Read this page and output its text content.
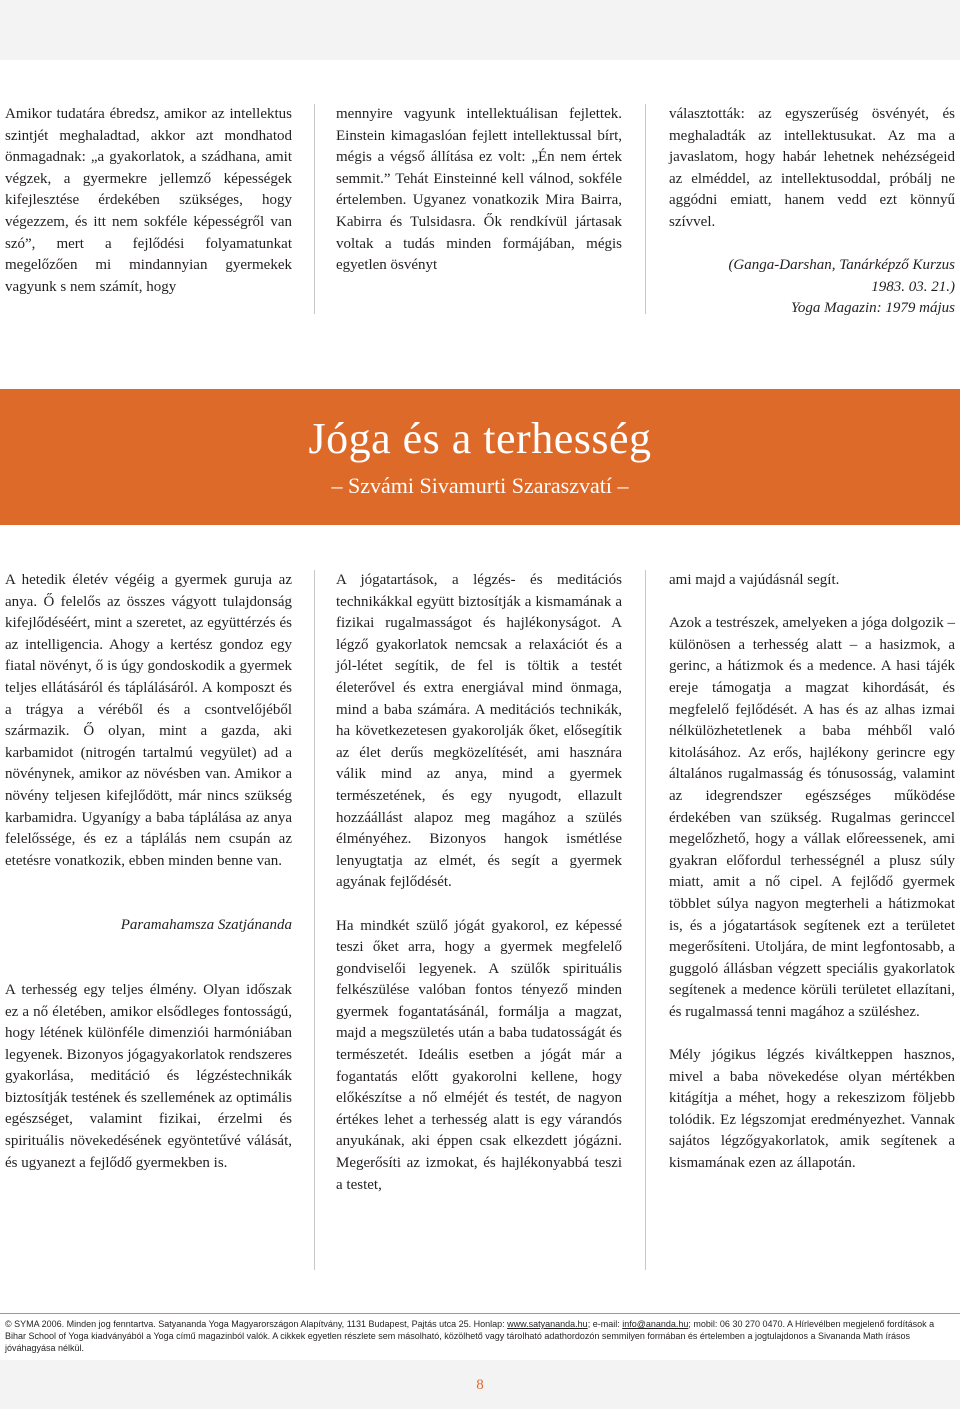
Amikor tudatára ébredsz, amikor az intellektus szintjét meghaladtad, akkor azt mondhatod önmagadnak: „a gyakorlatok, a szádhana, amit végzek, a gyermekre jellemző képességek kifejlesztése érdekében szükséges, hogy végezzem, és itt nem sokféle képességről van szó”, mert a fejlődési folyamatunkat megelőzően mi mindannyian gyermekek vagyunk s nem számít, hogy

mennyire vagyunk intellektuálisan fejlettek. Einstein kimagaslóan fejlett intellektussal bírt, mégis a végső állítása ez volt: „Én nem értek semmit.” Tehát Einsteinné kell válnod, sokféle értelemben. Ugyanez vonatkozik Mira Bairra, Kabirra és Tulsidasra. Ők rendkívül jártasak voltak a tudás minden formájában, mégis egyetlen ösvényt

választották: az egyszerűség ösvényét, és meghaladták az intellektusukat. Az ma a javaslatom, hogy habár lehetnek nehézségeid az elméddel, az intellektusoddal, próbálj ne aggódni emiatt, hanem vedd ezt könnyű szívvel.

(Ganga-Darshan, Tanárképző Kurzus

1983. 03. 21.)

Yoga Magazin: 1979 május

Jóga és a terhesség
– Szvámi Sivamurti Szaraszvatí –

A hetedik életév végéig a gyermek guruja az anya. Ő felelős az összes vágyott tulajdonság kifejlődéséért, mint a szeretet, az együttérzés és az intelligencia. Ahogy a kertész gondoz egy fiatal növényt, ő is úgy gondoskodik a gyermek teljes ellátásáról és táplálásáról. A komposzt és a trágya a véréből és a csontvelőjéből származik. Ő olyan, mint a gazda, aki karbamidot (nitrogén tartalmú vegyület) ad a növénynek, amikor az növésben van. Amikor a növény teljesen kifejlődött, már nincs szükség karbamidra. Ugyanígy a baba táplálása az anya felelőssége, és ez a táplálás nem csupán az etetésre vonatkozik, ebben minden benne van.

Paramahamsza Szatjánanda

A terhesség egy teljes élmény. Olyan időszak ez a nő életében, amikor elsődleges fontosságú, hogy létének különféle dimenziói harmóniában legyenek. Bizonyos jógagyakorlatok rendszeres gyakorlása, meditáció és légzéstechnikák biztosítják testének és szellemének az optimális egészséget, valamint fizikai, érzelmi és spirituális növekedésének egyöntetűvé válását, és ugyanezt a fejlődő gyermekben is.

A jógatartások, a légzés- és meditációs technikákkal együtt biztosítják a kismamának a fizikai rugalmasságot és hajlékonyságot. A légző gyakorlatok nemcsak a relaxációt és a jól-létet segítik, de fel is töltik a testét életerővel és extra energiával mind önmaga, mind a baba számára. A meditációs technikák, ha következetesen gyakorolják őket, elősegítik az élet derűs megközelítését, ami hasznára válik mind az anya, mind a gyermek természetének, és egy nyugodt, ellazult hozzáállást alapoz meg magához a szülés élményéhez. Bizonyos hangok ismétlése lenyugtatja az elmét, és segít a gyermek agyának fejlődését.

Ha mindkét szülő jógát gyakorol, ez képessé teszi őket arra, hogy a gyermek megfelelő gondviselői legyenek. A szülők spirituális felkészülése valóban fontos tényező minden gyermek fogantatásánál, formálja a magzat, majd a megszületés után a baba tudatosságát és természetét. Ideális esetben a jógát már a fogantatás előtt gyakorolni kellene, hogy előkészítse a nő elméjét és testét, de nagyon értékes lehet a terhesség alatt is egy várandós anyukának, aki éppen csak elkezdett jógázni. Megerősíti az izmokat, és hajlékonyabbá teszi a testet,

ami majd a vajúdásnál segít.

Azok a testrészek, amelyeken a jóga dolgozik – különösen a terhesség alatt – a hasizmok, a gerinc, a hátizmok és a medence. A hasi tájék ereje támogatja a magzat kihordását, és megfelelő fejlődését. A has és az alhas izmai nélkülözhetetlenek a baba méhből való kitolásához. Az erős, hajlékony gerincre egy általános rugalmasság és tónusosság, valamint az idegrendszer egészséges működése érdekében van szükség. Rugalmas gerinccel megelőzhető, hogy a vállak előreessenek, ami gyakran előfordul terhességnél a plusz súly miatt, amit a nő cipel. A fejlődő gyermek többlet súlya nagyon megterheli a hátizmokat is, és a jógatartások segítenek ezt a területet megerősíteni. Utoljára, de mint legfontosabb, a guggoló állásban végzett speciális gyakorlatok segítenek a medence körüli területet ellazítani, és rugalmassá tenni magához a szüléshez.

Mély jógikus légzés kiváltkeppen hasznos, mivel a baba növekedése olyan mértékben kitágítja a méhet, hogy a rekeszizom följebb tolódik. Ez légszomjat eredményezhet. Vannak sajátos légzőgyakorlatok, amik segítenek a kismamának ezen az állapotán.

© SYMA 2006. Minden jog fenntartva. Satyananda Yoga Magyarországon Alapítvány, 1131 Budapest, Pajtás utca 25. Honlap: www.satyananda.hu; e-mail: info@ananda.hu; mobil: 06 30 270 0470. A Hírlevélben megjelenő fordítások a Bihar School of Yoga kiadványából a Yoga című magazinból valók. A cikkek egyetlen részlete sem másolható, közölhető vagy tárolható adathordozón semmilyen formában és értelemben a jogtulajdonos a Sivananda Math írásos jóváhagyása nélkül.
8
